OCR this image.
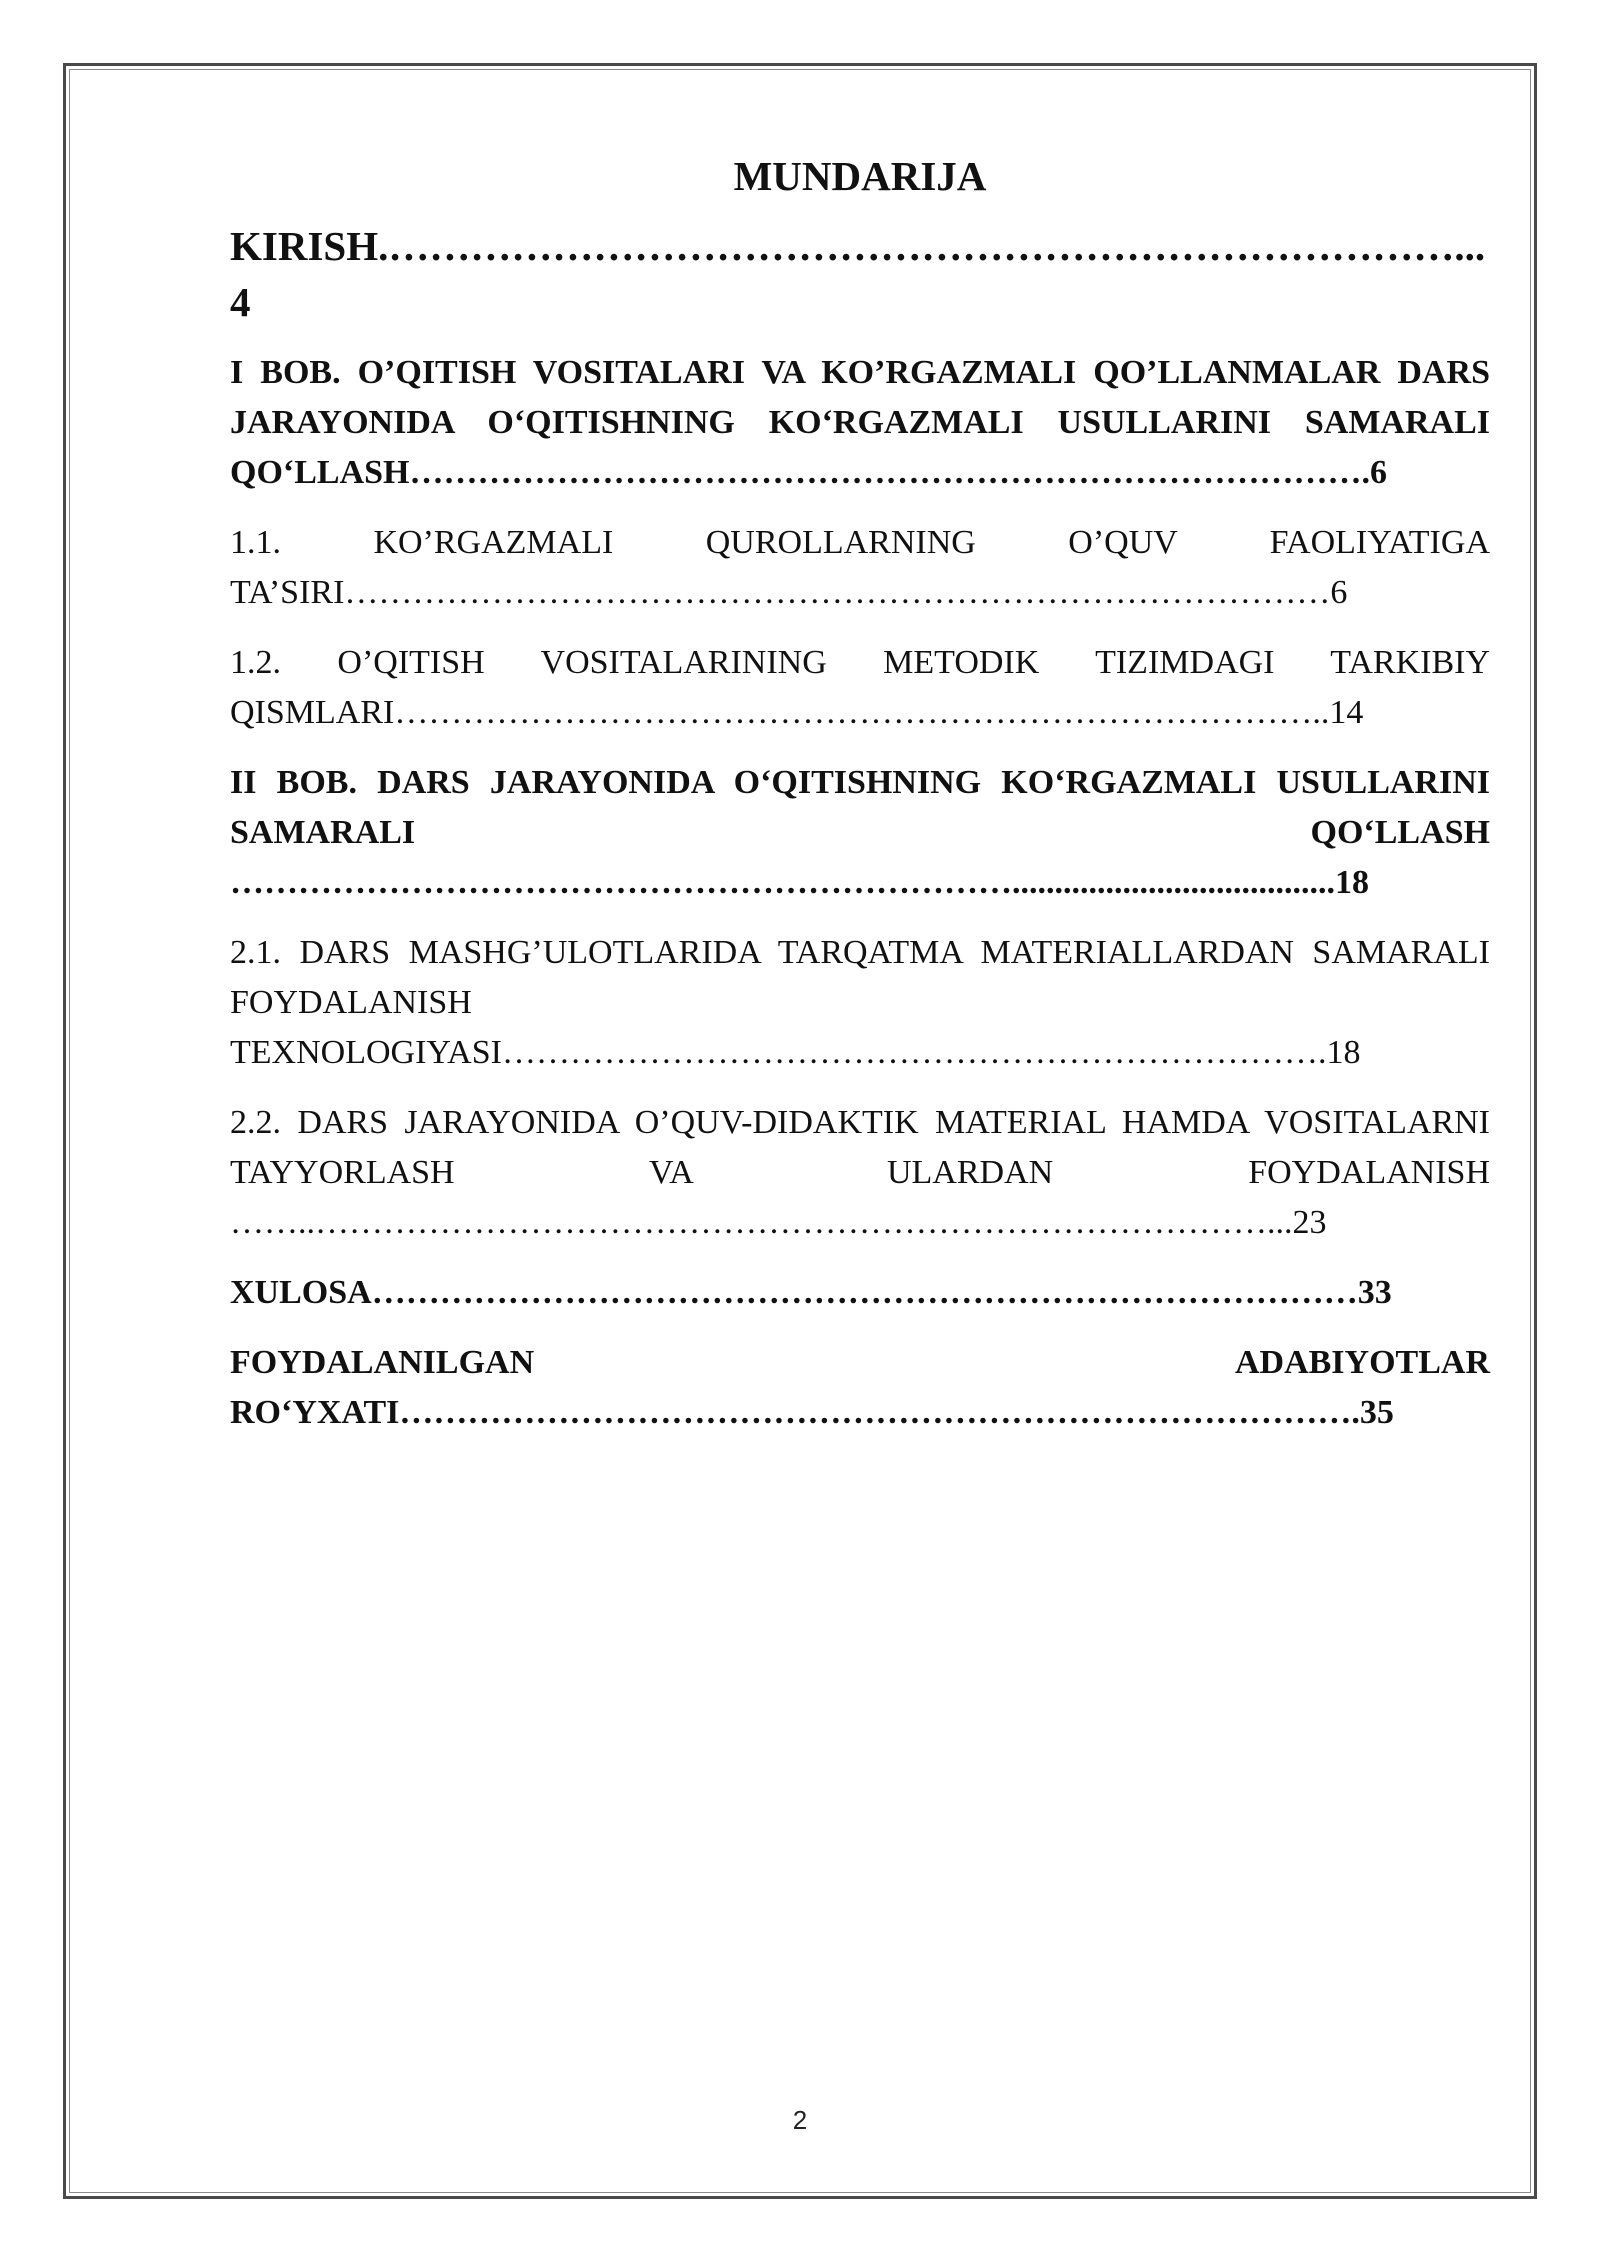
MUNDARIJA
KIRISH.……………………………………………………………………...4
I BOB. O’QITISH VOSITALARI VA KO’RGAZMALI QO’LLANMALAR DARS JARAYONIDA O‘QITISHNING KO‘RGAZMALI USULLARINI SAMARALI QO‘LLASH………………………………………………………………………….6
1.1. KO’RGAZMALI QUROLLARNING O’QUV FAOLIYATIGA TA’SIRI……………………………………………………………………………6
1.2. O’QITISH VOSITALARINING METODIK TIZIMDAGI TARKIBIY QISMLARI………………………………………………………………………..14
II BOB. DARS JARAYONIDA O‘QITISHNING KO‘RGAZMALI USULLARINI SAMARALI QO‘LLASH ……………………………………………………………......................................18
2.1. DARS MASHG’ULOTLARIDA TARQATMA MATERIALLARDAN SAMARALI FOYDALANISH TEXNOLOGIYASI……………………………………………………………….18
2.2. DARS JARAYONIDA O’QUV-DIDAKTIK MATERIAL HAMDA VOSITALARNI TAYYORLASH VA ULARDAN FOYDALANISH ……..…………………………………………………………………………...23
XULOSA……………………………………………………………………………33
FOYDALANILGAN ADABIYOTLAR RO‘YXATI………………………………………………………………………….35
2
